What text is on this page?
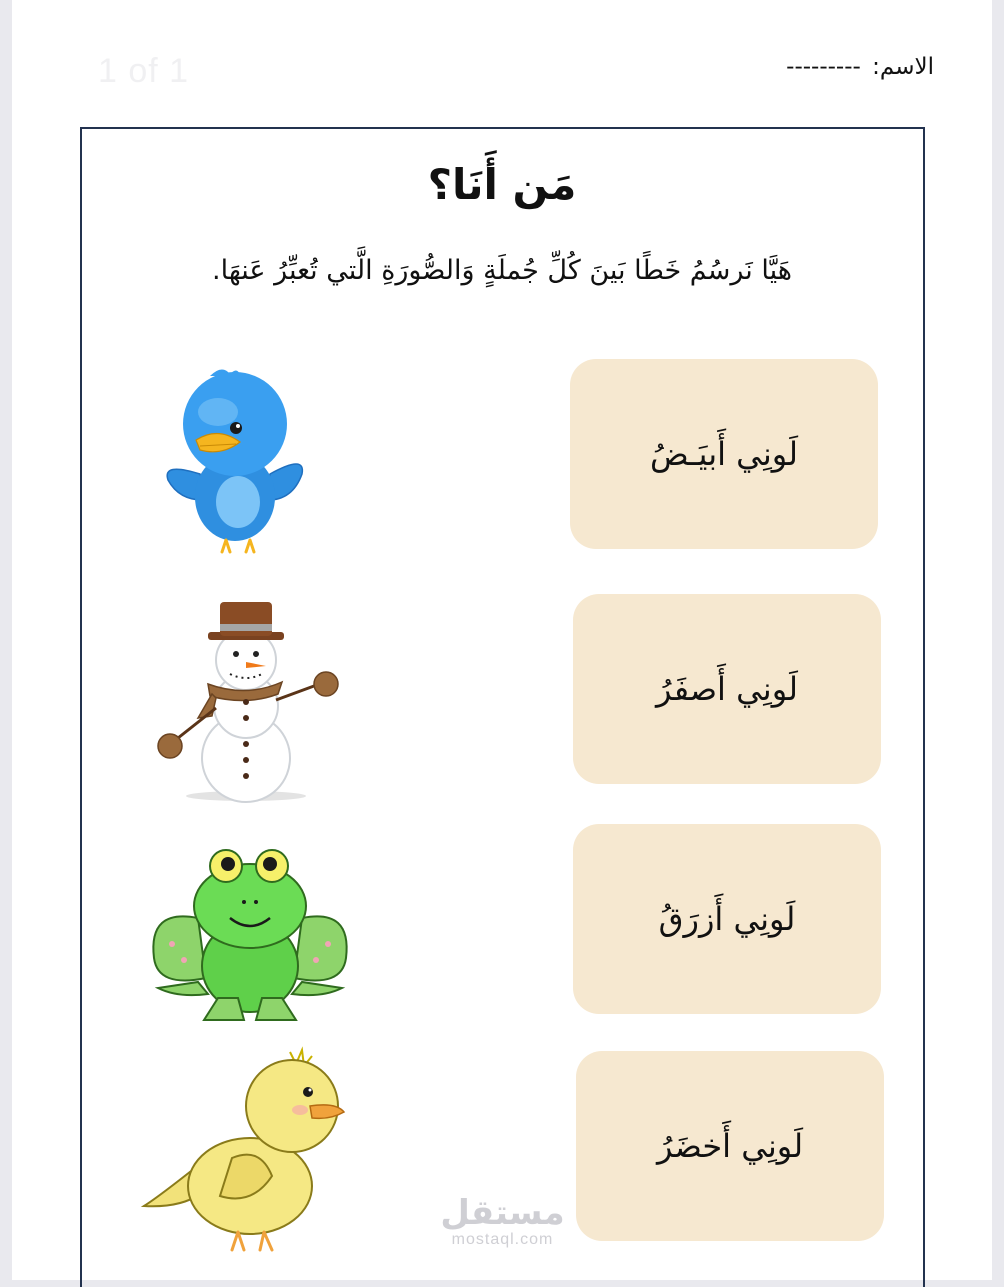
1 of 1	الاسم: ---------
مَن أَنَا؟
هَيَّا نَرسُمُ خَطًا بَينَ كُلِّ جُملَةٍ وَالصُّورَةِ الَّتي تُعبِّرُ عَنهَا.
لَونِي أَبيَـضُ
لَونِي أَصفَرُ
لَونِي أَزرَقُ
لَونِي أَخضَرُ
مستقل
mostaql.com
